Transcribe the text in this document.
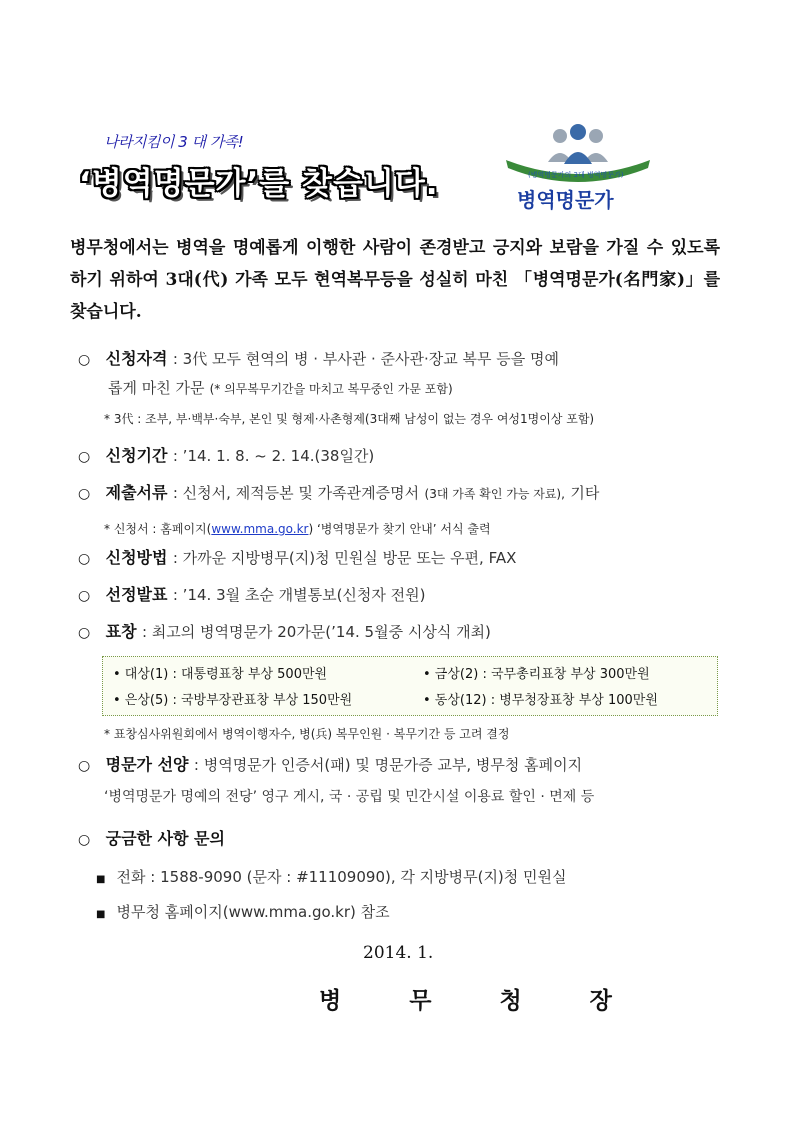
나라지킴이 3 대 가족!
‘병역명문가’를 찾습니다.	(병역명문가의 3대 병역명문가)
병역명문가

병무청에서는 병역을 명예롭게 이행한 사람이 존경받고 긍지와 보람을 가질 수 있도록 하기 위하여 3대(代) 가족 모두 현역복무등을 성실히 마친 「병역명문가(名門家)」를 찾습니다.

○ 신청자격 : 3代 모두 현역의 병 · 부사관 · 준사관·장교 복무 등을 명예
롭게 마친 가문 (* 의무복무기간을 마치고 복무중인 가문 포함)
* 3代 : 조부, 부·백부·숙부, 본인 및 형제·사촌형제(3대째 남성이 없는 경우 여성1명이상 포함)
○ 신청기간 : ’14. 1. 8. ~ 2. 14.(38일간)
○ 제출서류 : 신청서, 제적등본 및 가족관계증명서 (3대 가족 확인 가능 자료), 기타
* 신청서 : 홈페이지(www.mma.go.kr) ‘병역명문가 찾기 안내’ 서식 출력
○ 신청방법 : 가까운 지방병무(지)청 민원실 방문 또는 우편, FAX
○ 선정발표 : ’14. 3월 초순 개별통보(신청자 전원)
○ 표창 : 최고의 병역명문가 20가문(’14. 5월중 시상식 개최)
• 대상(1) : 대통령표창 부상 500만원	• 금상(2) : 국무총리표창 부상 300만원
• 은상(5) : 국방부장관표창 부상 150만원	• 동상(12) : 병무청장표창 부상 100만원
* 표창심사위원회에서 병역이행자수, 병(兵) 복무인원 · 복무기간 등 고려 결정
○ 명문가 선양 : 병역명문가 인증서(패) 및 명문가증 교부, 병무청 홈페이지
‘병역명문가 명예의 전당’ 영구 게시, 국 · 공립 및 민간시설 이용료 할인 · 면제 등
○ 궁금한 사항 문의
■ 전화 : 1588-9090 (문자 : #11109090), 각 지방병무(지)청 민원실
■ 병무청 홈페이지(www.mma.go.kr) 참조
2014. 1.
병 무 청 장
